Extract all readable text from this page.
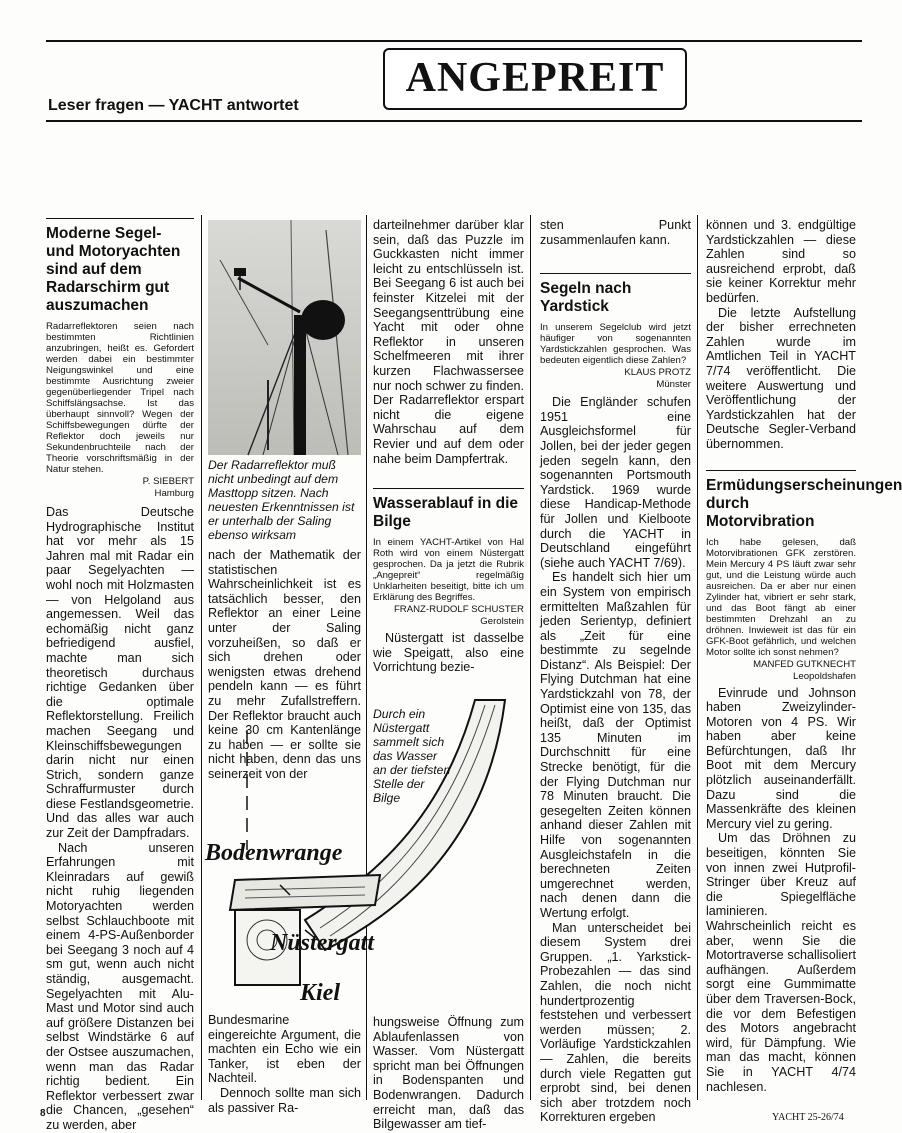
Leser fragen — YACHT antwortet
ANGEPREIT
Moderne Segel- und Motoryachten sind auf dem Radarschirm gut auszumachen

Radarreflektoren seien nach bestimmten Richtlinien anzubringen, heißt es. Gefordert werden dabei ein bestimmter Neigungswinkel und eine bestimmte Ausrichtung zweier gegenüberliegender Tripel nach Schiffslängsachse. Ist das überhaupt sinnvoll? Wegen der Schiffsbewegungen dürfte der Reflektor doch jeweils nur Sekundenbruchteile nach der Theorie vorschriftsmäßig in der Natur stehen.

P. SIEBERT

Hamburg

Das Deutsche Hydrographische Institut hat vor mehr als 15 Jahren mal mit Radar ein paar Segelyachten — wohl noch mit Holzmasten — von Helgoland aus angemessen. Weil das echomäßig nicht ganz befriedigend ausfiel, machte man sich theoretisch durchaus richtige Gedanken über die optimale Reflektorstellung. Freilich machen Seegang und Kleinschiffsbewegungen darin nicht nur einen Strich, sondern ganze Schraffurmuster durch diese Festlandsgeometrie. Und das alles war auch zur Zeit der Dampfradars.

Nach unseren Erfahrungen mit Kleinradars auf gewiß nicht ruhig liegenden Motoryachten werden selbst Schlauchboote mit einem 4-PS-Außenborder bei Seegang 3 noch auf 4 sm gut, wenn auch nicht ständig, ausgemacht. Segelyachten mit Alu-Mast und Motor sind auch auf größere Distanzen bei selbst Windstärke 6 auf der Ostsee auszumachen, wenn man das Radar richtig bedient. Ein Reflektor verbessert zwar die Chancen, „gesehen“ zu werden, aber

Der Radarreflektor muß nicht unbedingt auf dem Masttopp sitzen. Nach neuesten Erkenntnissen ist er unterhalb der Saling ebenso wirksam

nach der Mathematik der statistischen Wahrscheinlichkeit ist es tatsächlich besser, den Reflektor an einer Leine unter der Saling vorzuheißen, so daß er sich drehen oder wenigsten etwas drehend pendeln kann — es führt zu mehr Zufallstreffern. Der Reflektor braucht auch keine 30 cm Kantenlänge zu haben — er sollte sie nicht haben, denn das uns seinerzeit von der

Bodenwrange
Nüstergatt
Kiel

Bundesmarine eingereichte Argument, die machten ein Echo wie ein Tanker, ist eben der Nachteil.

Dennoch sollte man sich als passiver Ra-

darteilnehmer darüber klar sein, daß das Puzzle im Guckkasten nicht immer leicht zu entschlüsseln ist. Bei Seegang 6 ist auch bei feinster Kitzelei mit der Seegangsenttrübung eine Yacht mit oder ohne Reflektor in unseren Schelfmeeren mit ihrer kurzen Flachwassersee nur noch schwer zu finden. Der Radarreflektor erspart nicht die eigene Wahrschau auf dem Revier und auf dem oder nahe beim Dampfertrak.

Wasserablauf in die Bilge

In einem YACHT-Artikel von Hal Roth wird von einem Nüstergatt gesprochen. Da ja jetzt die Rubrik „Angepreit“ regelmäßig Unklarheiten beseitigt, bitte ich um Erklärung des Begriffes.

FRANZ-RUDOLF SCHUSTER

Gerolstein

Nüstergatt ist dasselbe wie Speigatt, also eine Vorrichtung bezie-

Durch ein Nüstergatt sammelt sich das Wasser an der tiefsten Stelle der Bilge

hungsweise Öffnung zum Ablaufenlassen von Wasser. Vom Nüstergatt spricht man bei Öffnungen in Bodenspanten und Bodenwrangen. Dadurch erreicht man, daß das Bilgewasser am tief-

sten Punkt zusammenlaufen kann.

Segeln nach Yardstick

In unserem Segelclub wird jetzt häufiger von sogenannten Yardstickzahlen gesprochen. Was bedeuten eigentlich diese Zahlen?

KLAUS PROTZ

Münster

Die Engländer schufen 1951 eine Ausgleichsformel für Jollen, bei der jeder gegen jeden segeln kann, den sogenannten Portsmouth Yardstick. 1969 wurde diese Handicap-Methode für Jollen und Kielboote durch die YACHT in Deutschland eingeführt (siehe auch YACHT 7/69).

Es handelt sich hier um ein System von empirisch ermittelten Maßzahlen für jeden Serientyp, definiert als „Zeit für eine bestimmte zu segelnde Distanz“. Als Beispiel: Der Flying Dutchman hat eine Yardstickzahl von 78, der Optimist eine von 135, das heißt, daß der Optimist 135 Minuten im Durchschnitt für eine Strecke benötigt, für die der Flying Dutchman nur 78 Minuten braucht. Die gesegelten Zeiten können anhand dieser Zahlen mit Hilfe von sogenannten Ausgleichstafeln in die berechneten Zeiten umgerechnet werden, nach denen dann die Wertung erfolgt.

Man unterscheidet bei diesem System drei Gruppen. „1. Yarkstick-Probezahlen — das sind Zahlen, die noch nicht hundertprozentig feststehen und verbessert werden müssen; 2. Vorläufige Yardstickzahlen — Zahlen, die bereits durch viele Regatten gut erprobt sind, bei denen sich aber trotzdem noch Korrekturen ergeben

können und 3. endgültige Yardstickzahlen — diese Zahlen sind so ausreichend erprobt, daß sie keiner Korrektur mehr bedürfen.

Die letzte Aufstellung der bisher errechneten Zahlen wurde im Amtlichen Teil in YACHT 7/74 veröffentlicht. Die weitere Auswertung und Veröffentlichung der Yardstickzahlen hat der Deutsche Segler-Verband übernommen.

Ermüdungserscheinungen durch Motorvibration

Ich habe gelesen, daß Motorvibrationen GFK zerstören. Mein Mercury 4 PS läuft zwar sehr gut, und die Leistung würde auch ausreichen. Da er aber nur einen Zylinder hat, vibriert er sehr stark, und das Boot fängt ab einer bestimmten Drehzahl an zu dröhnen. Inwieweit ist das für ein GFK-Boot gefährlich, und welchen Motor sollte ich sonst nehmen?

MANFED GUTKNECHT

Leopoldshafen

Evinrude und Johnson haben Zweizylinder-Motoren von 4 PS. Wir haben aber keine Befürchtungen, daß Ihr Boot mit dem Mercury plötzlich auseinanderfällt. Dazu sind die Massenkräfte des kleinen Mercury viel zu gering.

Um das Dröhnen zu beseitigen, könnten Sie von innen zwei Hutprofil-Stringer über Kreuz auf die Spiegelfläche laminieren. Wahrscheinlich reicht es aber, wenn Sie die Motortraverse schallisoliert aufhängen. Außerdem sorgt eine Gummimatte über dem Traversen-Bock, die vor dem Befestigen des Motors angebracht wird, für Dämpfung. Wie man das macht, können Sie in YACHT 4/74 nachlesen.

8	YACHT 25-26/74
